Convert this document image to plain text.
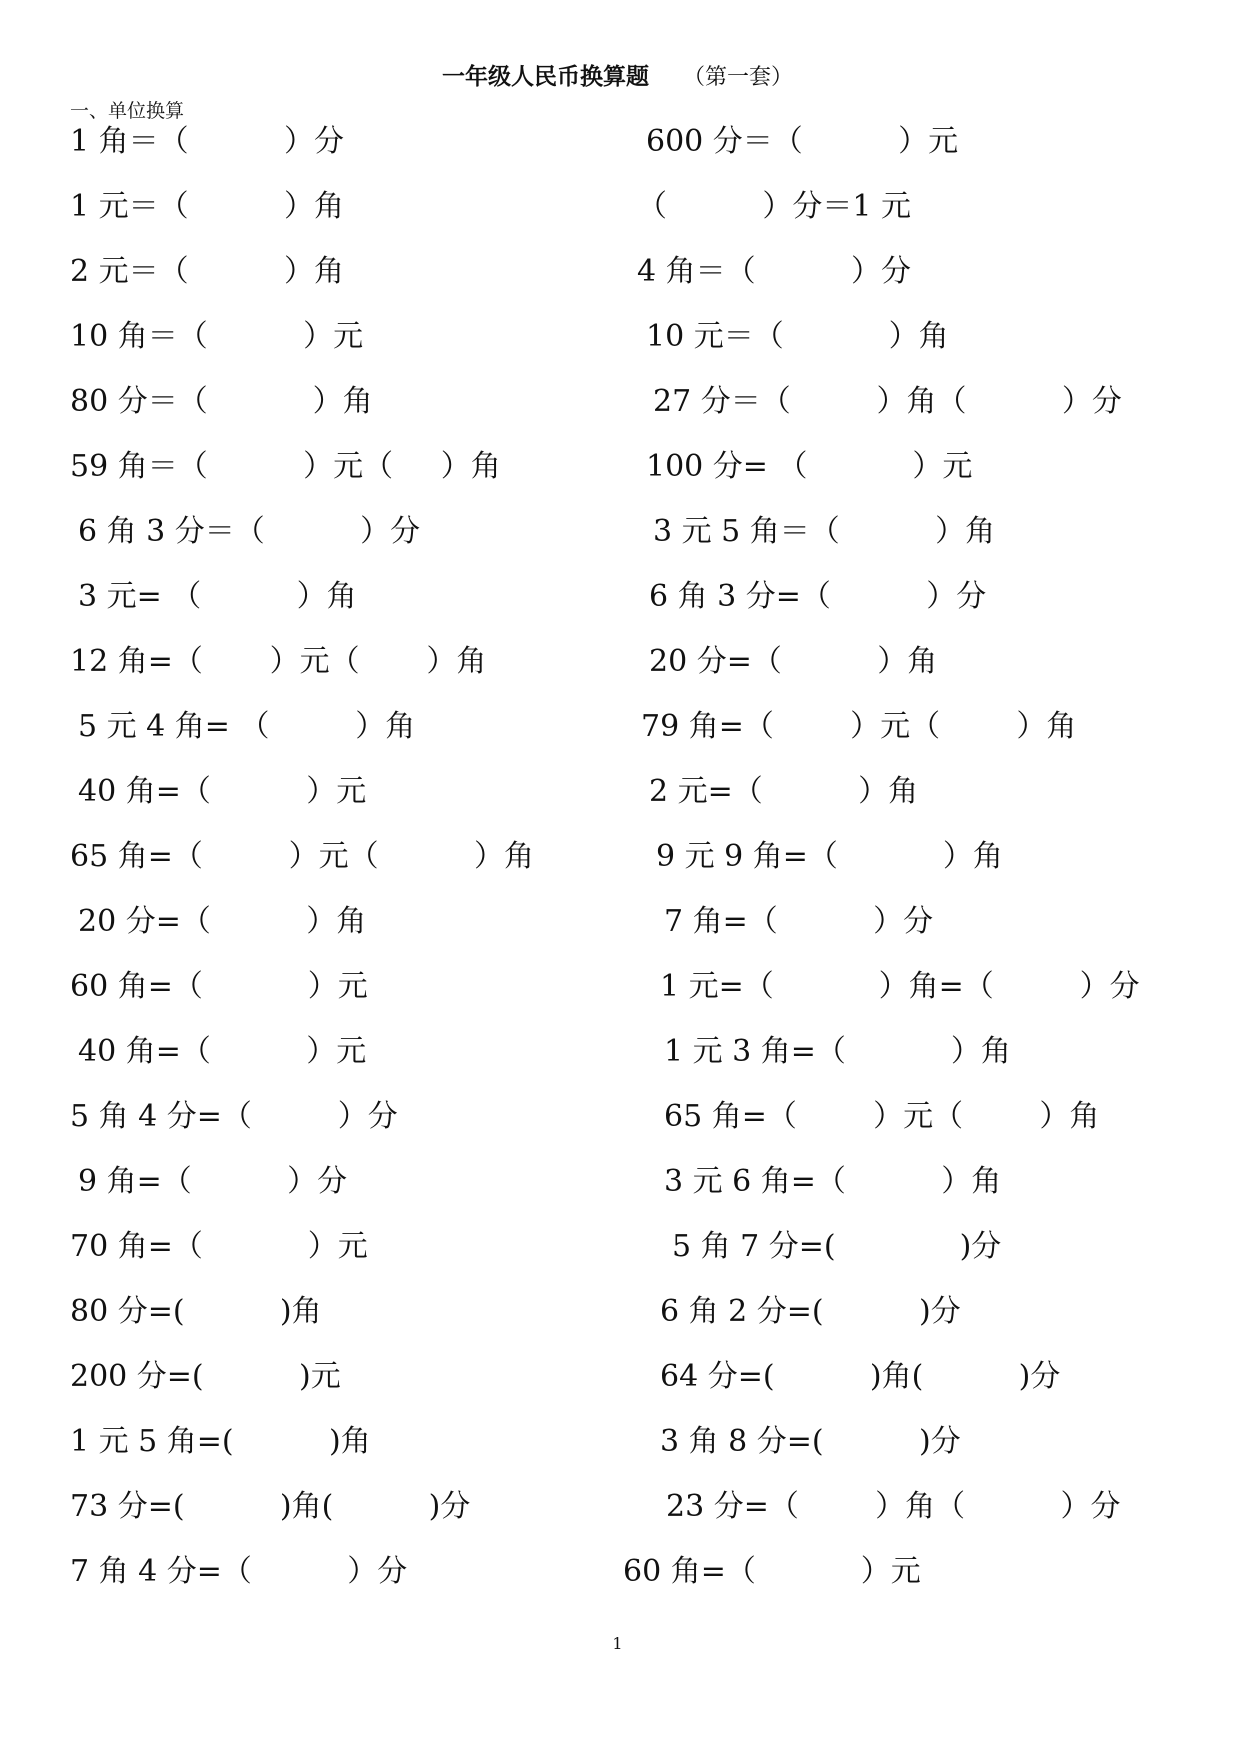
一年级人民币换算题 （第一套）
一、单位换算
1 角＝（          ）分
1 元＝（          ）角
2 元＝（          ）角
10 角＝（          ）元
80 分＝（           ）角
59 角＝（          ）元（     ）角
6 角 3 分＝（          ）分
3 元= （          ）角
12 角=（       ）元（       ）角
5 元 4 角= （         ）角
40 角=（          ）元
65 角=（         ）元（          ）角
20 分=（          ）角
60 角=（           ）元
40 角=（          ）元
5 角 4 分=（         ）分
9 角=（          ）分
70 角=（           ）元
80 分=(          )角
200 分=(          )元
1 元 5 角=(          )角
73 分=(          )角(          )分
7 角 4 分=（          ）分
600 分＝（          ）元
（          ）分＝1 元
4 角＝（          ）分
10 元＝（           ）角
27 分＝（         ）角（          ）分
100 分= （           ）元
3 元 5 角＝（          ）角
6 角 3 分=（          ）分
20 分=（          ）角
79 角=（        ）元（        ）角
2 元=（          ）角
9 元 9 角=（           ）角
7 角=（          ）分
1 元=（           ）角=（         ）分
1 元 3 角=（           ）角
65 角=（        ）元（        ）角
3 元 6 角=（          ）角
5 角 7 分=(             )分
6 角 2 分=(          )分
64 分=(          )角(          )分
3 角 8 分=(          )分
23 分=（        ）角（          ）分
60 角=（           ）元
1
